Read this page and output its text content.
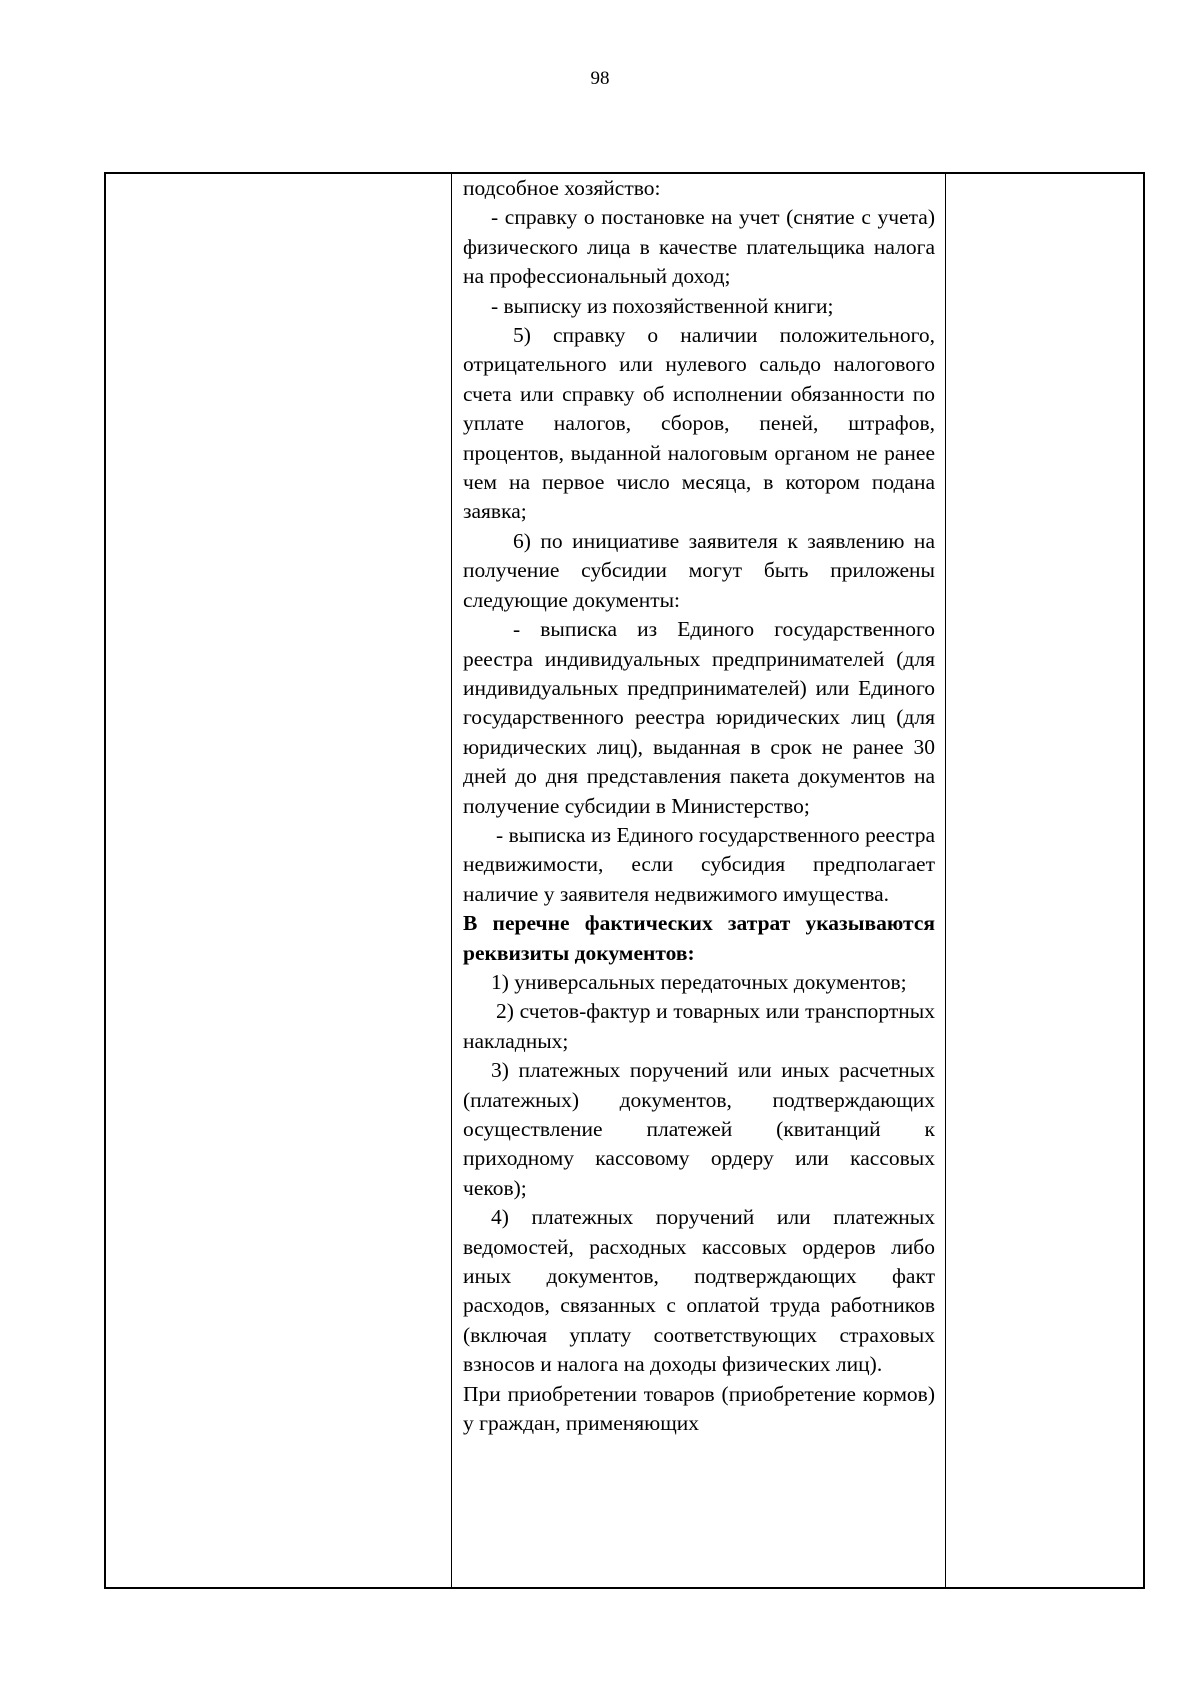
98

подсобное хозяйство:

- справку о постановке на учет (снятие с учета) физического лица в качестве плательщика налога на профессиональный доход;

- выписку из похозяйственной книги;

5) справку о наличии положительного, отрицательного или нулевого сальдо налогового счета или справку об исполнении обязанности по уплате налогов, сборов, пеней, штрафов, процентов, выданной налоговым органом не ранее чем на первое число месяца, в котором подана заявка;

6) по инициативе заявителя к заявлению на получение субсидии могут быть приложены следующие документы:

- выписка из Единого государственного реестра индивидуальных предпринимателей (для индивидуальных предпринимателей) или Единого государственного реестра юридических лиц (для юридических лиц), выданная в срок не ранее 30 дней до дня представления пакета документов на получение субсидии в Министерство;

- выписка из Единого государственного реестра недвижимости, если субсидия предполагает наличие у заявителя недвижимого имущества.

В перечне фактических затрат указываются реквизиты документов:

1) универсальных передаточных документов;

2) счетов-фактур и товарных или транспортных накладных;

3) платежных поручений или иных расчетных (платежных) документов, подтверждающих осуществление платежей (квитанций к приходному кассовому ордеру или кассовых чеков);

4) платежных поручений или платежных ведомостей, расходных кассовых ордеров либо иных документов, подтверждающих факт расходов, связанных с оплатой труда работников (включая уплату соответствующих страховых взносов и налога на доходы физических лиц).

При приобретении товаров (приобретение кормов) у граждан, применяющих
